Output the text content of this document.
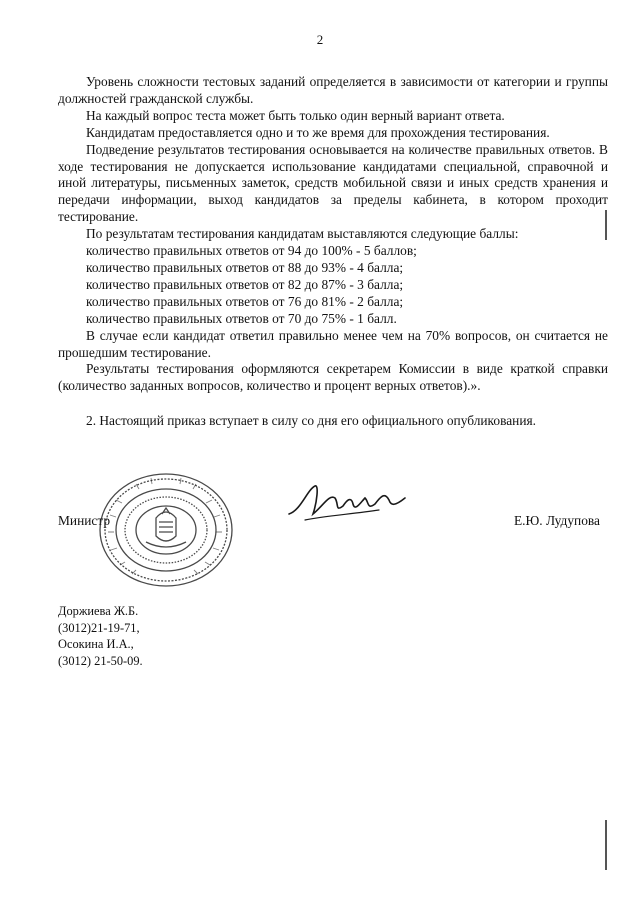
2

Уровень сложности тестовых заданий определяется в зависимости от категории и группы должностей гражданской службы.

На каждый вопрос теста может быть только один верный вариант ответа.

Кандидатам предоставляется одно и то же время для прохождения тестирования.

Подведение результатов тестирования основывается на количестве правильных ответов. В ходе тестирования не допускается использование кандидатами специальной, справочной и иной литературы, письменных заметок, средств мобильной связи и иных средств хранения и передачи информации, выход кандидатов за пределы кабинета, в котором проходит тестирование.

По результатам тестирования кандидатам выставляются следующие баллы:

количество правильных ответов от 94 до 100% - 5 баллов;

количество правильных ответов от 88 до 93% - 4 балла;

количество правильных ответов от 82 до 87% - 3 балла;

количество правильных ответов от 76 до 81% - 2 балла;

количество правильных ответов от 70 до 75% - 1 балл.

В случае если кандидат ответил правильно менее чем на 70% вопросов, он считается не прошедшим тестирование.

Результаты тестирования оформляются секретарем Комиссии в виде краткой справки (количество заданных вопросов, количество и процент верных ответов).».

2. Настоящий приказ вступает в силу со дня его официального опубликования.

Министр	Е.Ю. Лудупова
Доржиева Ж.Б.
(3012)21-19-71,
Осокина И.А.,
(3012) 21-50-09.
